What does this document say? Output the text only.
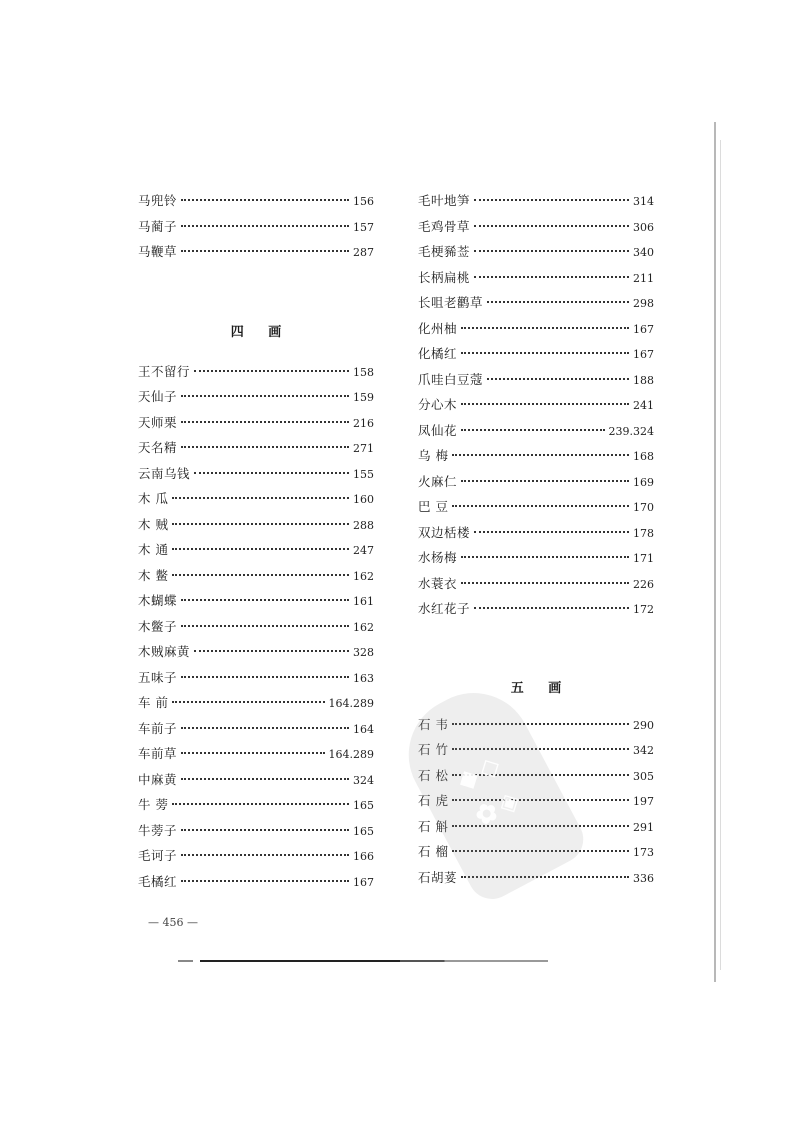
马兜铃	156
马蔺子	157
马鞭草	287
四 画
王不留行	158
天仙子	159
天师栗	216
天名精	271
云南乌钱	155
木 瓜	160
木 贼	288
木 通	247
木 鳖	162
木蝴蝶	161
木鳖子	162
木贼麻黄	328
五味子	163
车 前	164.289
车前子	164
车前草	164.289
中麻黄	324
牛 蒡	165
牛蒡子	165
毛诃子	166
毛橘红	167
毛叶地笋	314
毛鸡骨草	306
毛梗豨莶	340
长柄扁桃	211
长咀老鹳草	298
化州柚	167
化橘红	167
爪哇白豆蔻	188
分心木	241
凤仙花	239.324
乌 梅	168
火麻仁	169
巴 豆	170
双边栝楼	178
水杨梅	171
水蓑衣	226
水红花子	172
五 画
石 韦	290
石 竹	342
石 松	305
石 虎	197
石 斛	291
石 榴	173
石胡荽	336
◆◇
✿◈
— 456 —
